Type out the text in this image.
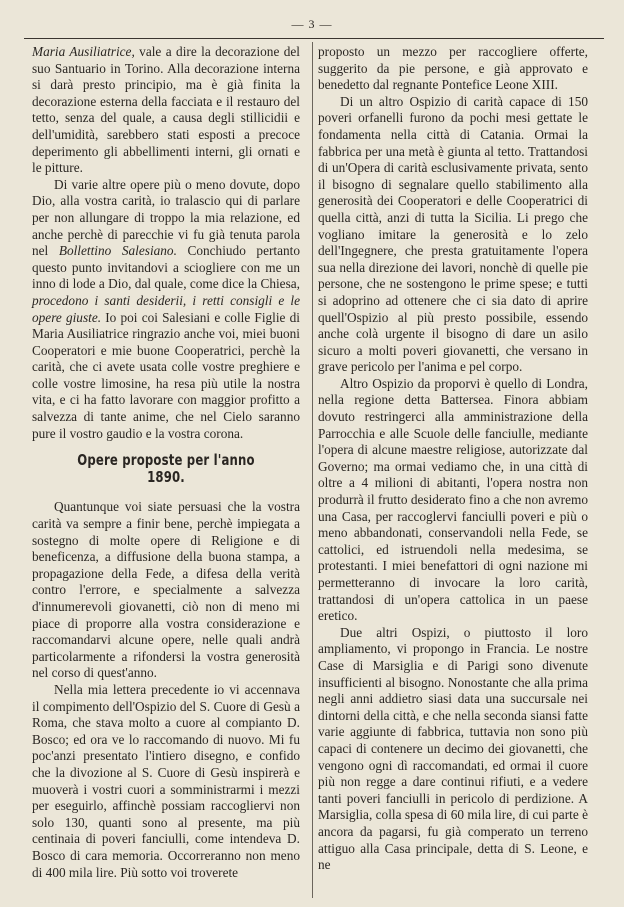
— 3 —

Maria Ausiliatrice, vale a dire la decorazione del suo Santuario in Torino. Alla decorazione interna si darà presto principio, ma è già finita la decorazione esterna della facciata e il restauro del tetto, senza del quale, a causa degli stillicidii e dell'umidità, sarebbero stati esposti a precoce deperimento gli abbellimenti interni, gli ornati e le pitture.

Di varie altre opere più o meno dovute, dopo Dio, alla vostra carità, io tralascio qui di parlare per non allungare di troppo la mia relazione, ed anche perchè di parecchie vi fu già tenuta parola nel Bollettino Salesiano. Conchiudo pertanto questo punto invitandovi a sciogliere con me un inno di lode a Dio, dal quale, come dice la Chiesa, procedono i santi desiderii, i retti consigli e le opere giuste. Io poi coi Salesiani e colle Figlie di Maria Ausiliatrice ringrazio anche voi, miei buoni Cooperatori e mie buone Cooperatrici, perchè la carità, che ci avete usata colle vostre preghiere e colle vostre limosine, ha resa più utile la nostra vita, e ci ha fatto lavorare con maggior profitto a salvezza di tante anime, che nel Cielo saranno pure il vostro gaudio e la vostra corona.

Opere proposte per l'anno 1890.

Quantunque voi siate persuasi che la vostra carità va sempre a finir bene, perchè impiegata a sostegno di molte opere di Religione e di beneficenza, a diffusione della buona stampa, a propagazione della Fede, a difesa della verità contro l'errore, e specialmente a salvezza d'innumerevoli giovanetti, ciò non di meno mi piace di proporre alla vostra considerazione e raccomandarvi alcune opere, nelle quali andrà particolarmente a rifondersi la vostra generosità nel corso di quest'anno.

Nella mia lettera precedente io vi accennava il compimento dell'Ospizio del S. Cuore di Gesù a Roma, che stava molto a cuore al compianto D. Bosco; ed ora ve lo raccomando di nuovo. Mi fu poc'anzi presentato l'intiero disegno, e confido che la divozione al S. Cuore di Gesù inspirerà e muoverà i vostri cuori a somministrarmi i mezzi per eseguirlo, affinchè possiam raccogliervi non solo 130, quanti sono al presente, ma più centinaia di poveri fanciulli, come intendeva D. Bosco di cara memoria. Occorreranno non meno di 400 mila lire. Più sotto voi troverete

proposto un mezzo per raccogliere offerte, suggerito da pie persone, e già approvato e benedetto dal regnante Pontefice Leone XIII.

Di un altro Ospizio di carità capace di 150 poveri orfanelli furono da pochi mesi gettate le fondamenta nella città di Catania. Ormai la fabbrica per una metà è giunta al tetto. Trattandosi di un'Opera di carità esclusivamente privata, sento il bisogno di segnalare quello stabilimento alla generosità dei Cooperatori e delle Cooperatrici di quella città, anzi di tutta la Sicilia. Li prego che vogliano imitare la generosità e lo zelo dell'Ingegnere, che presta gratuitamente l'opera sua nella direzione dei lavori, nonchè di quelle pie persone, che ne sostengono le prime spese; e tutti si adoprino ad ottenere che ci sia dato di aprire quell'Ospizio al più presto possibile, essendo anche colà urgente il bisogno di dare un asilo sicuro a molti poveri giovanetti, che versano in grave pericolo per l'anima e pel corpo.

Altro Ospizio da proporvi è quello di Londra, nella regione detta Battersea. Finora abbiam dovuto restringerci alla amministrazione della Parrocchia e alle Scuole delle fanciulle, mediante l'opera di alcune maestre religiose, autorizzate dal Governo; ma ormai vediamo che, in una città di oltre a 4 milioni di abitanti, l'opera nostra non produrrà il frutto desiderato fino a che non avremo una Casa, per raccoglervi fanciulli poveri e più o meno abbandonati, conservandoli nella Fede, se cattolici, ed istruendoli nella medesima, se protestanti. I miei benefattori di ogni nazione mi permetteranno di invocare la loro carità, trattandosi di un'opera cattolica in un paese eretico.

Due altri Ospizi, o piuttosto il loro ampliamento, vi propongo in Francia. Le nostre Case di Marsiglia e di Parigi sono divenute insufficienti al bisogno. Nonostante che alla prima negli anni addietro siasi data una succursale nei dintorni della città, e che nella seconda siansi fatte varie aggiunte di fabbrica, tuttavia non sono più capaci di contenere un decimo dei giovanetti, che vengono ogni dì raccomandati, ed ormai il cuore più non regge a dare continui rifiuti, e a vedere tanti poveri fanciulli in pericolo di perdizione. A Marsiglia, colla spesa di 60 mila lire, di cui parte è ancora da pagarsi, fu già comperato un terreno attiguo alla Casa principale, detta di S. Leone, e ne
